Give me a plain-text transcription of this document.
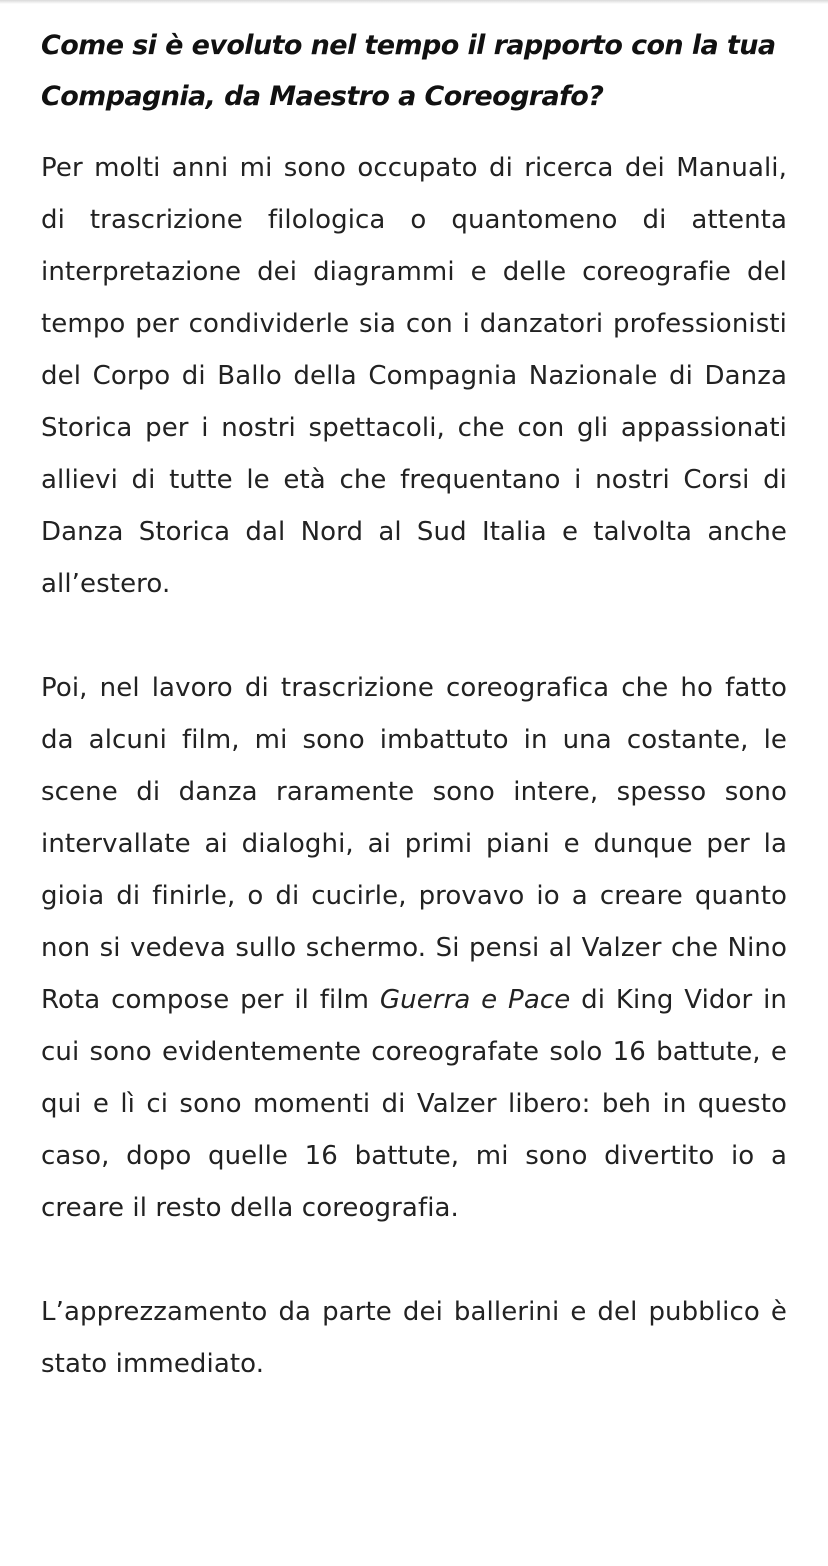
Come si è evoluto nel tempo il rapporto con la tua Compagnia, da Maestro a Coreografo?

Per molti anni mi sono occupato di ricerca dei Manuali, di trascrizione filologica o quantomeno di attenta interpretazione dei diagrammi e delle coreografie del tempo per condividerle sia con i danzatori professionisti del Corpo di Ballo della Compagnia Nazionale di Danza Storica per i nostri spettacoli, che con gli appassionati allievi di tutte le età che frequentano i nostri Corsi di Danza Storica dal Nord al Sud Italia e talvolta anche all’estero.

Poi, nel lavoro di trascrizione coreografica che ho fatto da alcuni film, mi sono imbattuto in una costante, le scene di danza raramente sono intere, spesso sono intervallate ai dialoghi, ai primi piani e dunque per la gioia di finirle, o di cucirle, provavo io a creare quanto non si vedeva sullo schermo. Si pensi al Valzer che Nino Rota compose per il film Guerra e Pace di King Vidor in cui sono evidentemente coreografate solo 16 battute, e qui e lì ci sono momenti di Valzer libero: beh in questo caso, dopo quelle 16 battute, mi sono divertito io a creare il resto della coreografia.

L’apprezzamento da parte dei ballerini e del pubblico è stato immediato.
